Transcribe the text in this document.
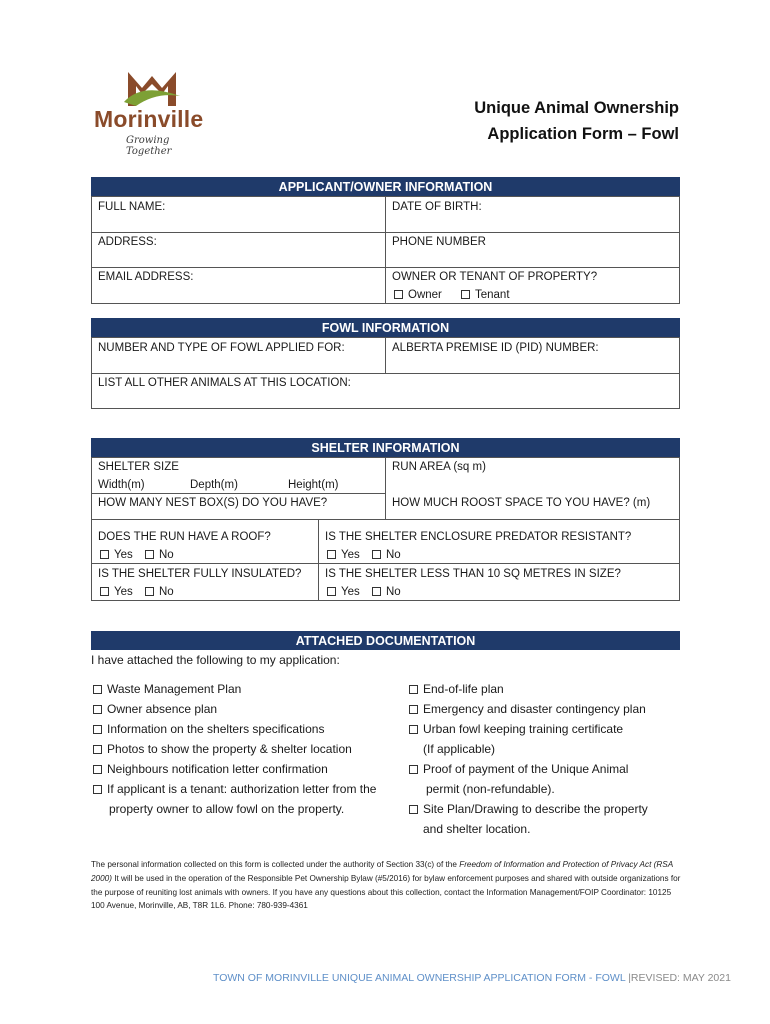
Morinville
Growing Together
Unique Animal Ownership
Application Form – Fowl
APPLICANT/OWNER INFORMATION
FULL NAME:	DATE OF BIRTH:
ADDRESS:	PHONE NUMBER
EMAIL ADDRESS:	OWNER OR TENANT OF PROPERTY?
Owner	Tenant
FOWL INFORMATION
NUMBER AND TYPE OF FOWL APPLIED FOR:	ALBERTA PREMISE ID (PID) NUMBER:
LIST ALL OTHER ANIMALS AT THIS LOCATION:
SHELTER INFORMATION
SHELTER SIZE
Width(m)	Depth(m)	Height(m)
RUN AREA (sq m)
HOW MANY NEST BOX(S) DO YOU HAVE?	HOW MUCH ROOST SPACE TO YOU HAVE? (m)
DOES THE RUN HAVE A ROOF?
Yes No
IS THE SHELTER ENCLOSURE PREDATOR RESISTANT?
Yes No
IS THE SHELTER FULLY INSULATED?
Yes No
IS THE SHELTER LESS THAN 10 SQ METRES IN SIZE?
Yes No
ATTACHED DOCUMENTATION
I have attached the following to my application:
Waste Management Plan
Owner absence plan
Information on the shelters specifications
Photos to show the property & shelter location
Neighbours notification letter confirmation
If applicant is a tenant: authorization letter from the
property owner to allow fowl on the property.
End-of-life plan
Emergency and disaster contingency plan
Urban fowl keeping training certificate
(If applicable)
Proof of payment of the Unique Animal
permit (non-refundable).
Site Plan/Drawing to describe the property
and shelter location.
The personal information collected on this form is collected under the authority of Section 33(c) of the Freedom of Information and Protection of Privacy Act (RSA 2000) It will be used in the operation of the Responsible Pet Ownership Bylaw (#5/2016) for bylaw enforcement purposes and shared with outside organizations for the purpose of reuniting lost animals with owners. If you have any questions about this collection, contact the Information Management/FOIP Coordinator: 10125 100 Avenue, Morinville, AB, T8R 1L6. Phone: 780-939-4361
TOWN OF MORINVILLE UNIQUE ANIMAL OWNERSHIP APPLICATION FORM - FOWL |REVISED: MAY 2021
